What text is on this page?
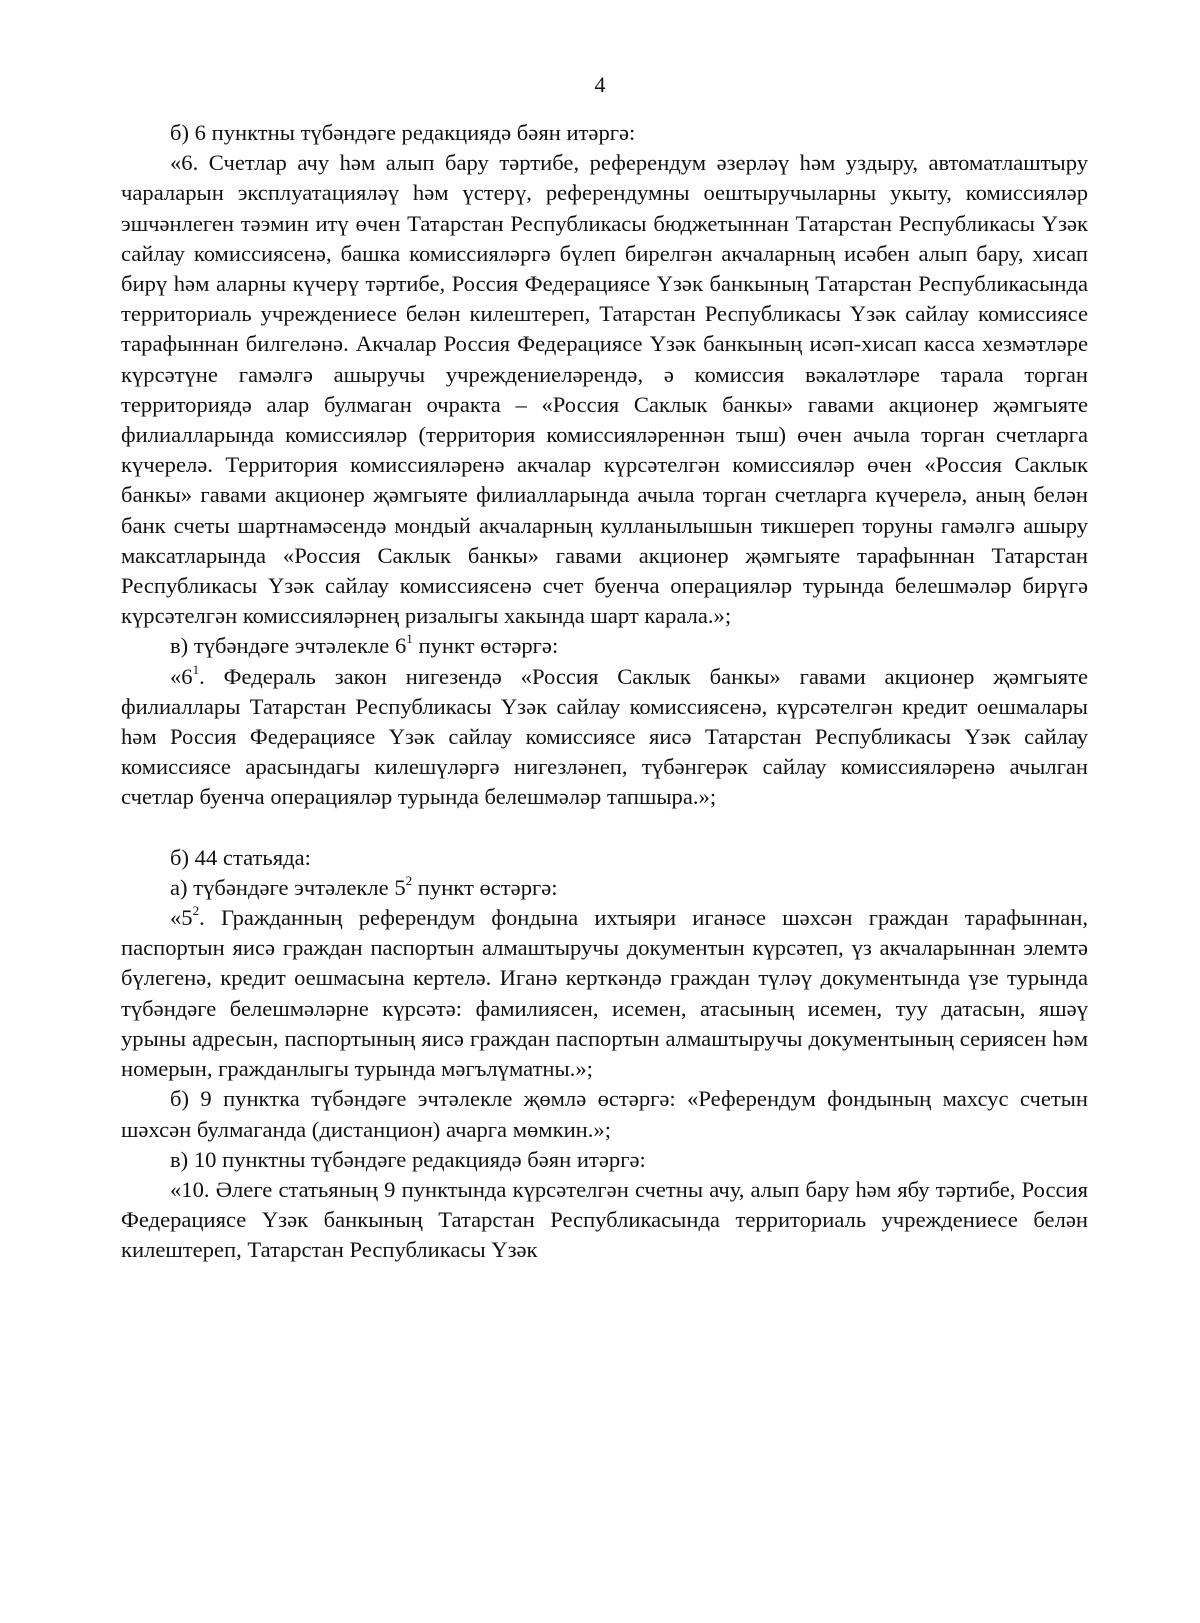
4

б) 6 пунктны түбәндәге редакциядә бәян итәргә:

«6. Счетлар ачу һәм алып бару тәртибе, референдум әзерләү һәм уздыру, автоматлаштыру чараларын эксплуатацияләү һәм үстерү, референдумны оештыручыларны укыту, комиссияләр эшчәнлеген тәэмин итү өчен Татарстан Республикасы бюджетыннан Татарстан Республикасы Үзәк сайлау комиссиясенә, башка комиссияләргә бүлеп бирелгән акчаларның исәбен алып бару, хисап бирү һәм аларны күчерү тәртибе, Россия Федерациясе Үзәк банкының Татарстан Республикасында территориаль учреждениесе белән килештереп, Татарстан Республикасы Үзәк сайлау комиссиясе тарафыннан билгеләнә. Акчалар Россия Федерациясе Үзәк банкының исәп-хисап касса хезмәтләре күрсәтүне гамәлгә ашыручы учреждениеләрендә, ә комиссия вәкаләтләре тарала торган территориядә алар булмаган очракта – «Россия Саклык банкы» гавами акционер җәмгыяте филиалларында комиссияләр (территория комиссияләреннән тыш) өчен ачыла торган счетларга күчерелә. Территория комиссияләренә акчалар күрсәтелгән комиссияләр өчен «Россия Саклык банкы» гавами акционер җәмгыяте филиалларында ачыла торган счетларга күчерелә, аның белән банк счеты шартнамәсендә мондый акчаларның кулланылышын тикшереп торуны гамәлгә ашыру максатларында «Россия Саклык банкы» гавами акционер җәмгыяте тарафыннан Татарстан Республикасы Үзәк сайлау комиссиясенә счет буенча операцияләр турында белешмәләр бирүгә күрсәтелгән комиссияләрнең ризалыгы хакында шарт карала.»;

в) түбәндәге эчтәлекле $6^1$ пункт өстәргә:

«$6^1$. Федераль закон нигезендә «Россия Саклык банкы» гавами акционер җәмгыяте филиаллары Татарстан Республикасы Үзәк сайлау комиссиясенә, күрсәтелгән кредит оешмалары һәм Россия Федерациясе Үзәк сайлау комиссиясе яисә Татарстан Республикасы Үзәк сайлау комиссиясе арасындагы килешүләргә нигезләнеп, түбәнгерәк сайлау комиссияләренә ачылган счетлар буенча операцияләр турында белешмәләр тапшыра.»;

б) 44 статьяда:

а) түбәндәге эчтәлекле $5^2$ пункт өстәргә:

«$5^2$. Гражданның референдум фондына ихтыяри иганәсе шәхсән граждан тарафыннан, паспортын яисә граждан паспортын алмаштыручы документын күрсәтеп, үз акчаларыннан элемтә бүлегенә, кредит оешмасына кертелә. Иганә керткәндә граждан түләү документында үзе турында түбәндәге белешмәләрне күрсәтә: фамилиясен, исемен, атасының исемен, туу датасын, яшәү урыны адресын, паспортының яисә граждан паспортын алмаштыручы документының сериясен һәм номерын, гражданлыгы турында мәгълүматны.»;

б) 9 пунктка түбәндәге эчтәлекле җөмлә өстәргә: «Референдум фондының махсус счетын шәхсән булмаганда (дистанцион) ачарга мөмкин.»;

в) 10 пунктны түбәндәге редакциядә бәян итәргә:

«10. Әлеге статьяның 9 пунктында күрсәтелгән счетны ачу, алып бару һәм ябу тәртибе, Россия Федерациясе Үзәк банкының Татарстан Республикасында территориаль учреждениесе белән килештереп, Татарстан Республикасы Үзәк
